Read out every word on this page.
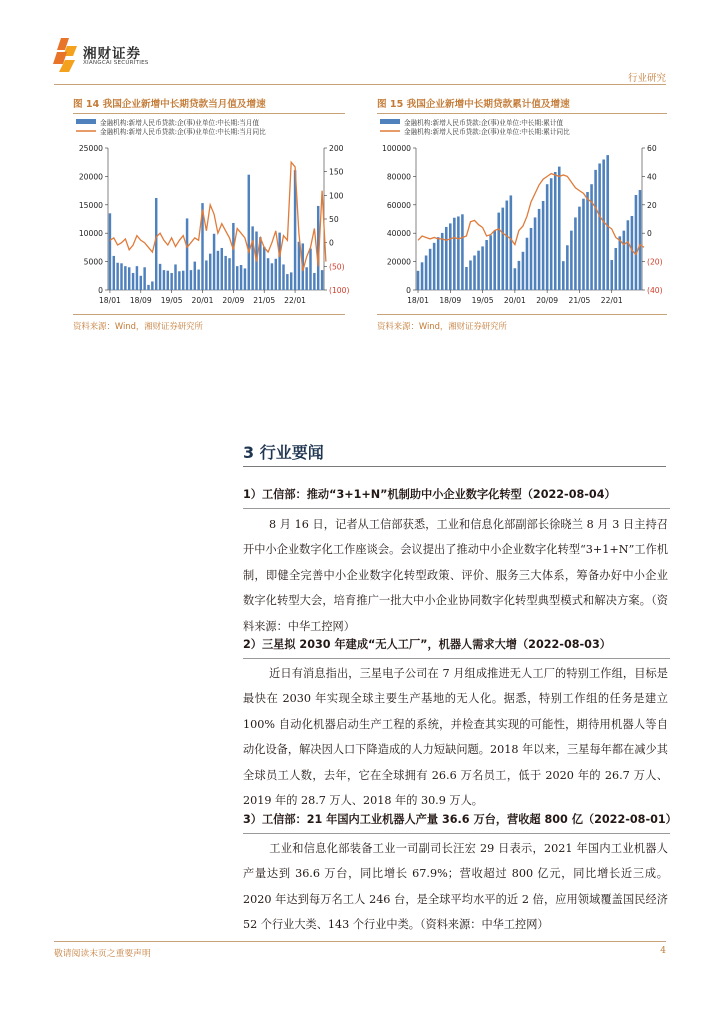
湘财证券
XIANGCAI SECURITIES
行业研究
图 14 我国企业新增中长期贷款当月值及增速
金融机构:新增人民币贷款:企(事)业单位:中长期:当月值
金融机构:新增人民币贷款:企(事)业单位:中长期:当月同比
0
5000
10000
15000
20000
25000
(100)
(50)
0
50
100
150
200
18/01 18/09 19/05 20/01 20/09 21/05 22/01
资料来源：Wind，湘财证券研究所
图 15 我国企业新增中长期贷款累计值及增速
金融机构:新增人民币贷款:企(事)业单位:中长期:累计值
金融机构:新增人民币贷款:企(事)业单位:中长期:累计同比
0
20000
40000
60000
80000
100000
(40)
(20)
0
20
40
60
18/01 18/09 19/05 20/01 20/09 21/05 22/01
资料来源：Wind，湘财证券研究所
3 行业要闻
1）工信部：推动“3+1+N”机制助中小企业数字化转型（2022-08-04）
8 月 16 日，记者从工信部获悉，工业和信息化部副部长徐晓兰 8 月 3 日主持召开中小企业数字化工作座谈会。会议提出了推动中小企业数字化转型“3+1+N”工作机制，即健全完善中小企业数字化转型政策、评价、服务三大体系，筹备办好中小企业数字化转型大会，培育推广一批大中小企业协同数字化转型典型模式和解决方案。（资料来源：中华工控网）
2）三星拟 2030 年建成“无人工厂”，机器人需求大增（2022-08-03）
近日有消息指出，三星电子公司在 7 月组成推进无人工厂的特别工作组，目标是最快在 2030 年实现全球主要生产基地的无人化。据悉，特别工作组的任务是建立 100% 自动化机器启动生产工程的系统，并检查其实现的可能性，期待用机器人等自动化设备，解决因人口下降造成的人力短缺问题。2018 年以来，三星每年都在减少其全球员工人数，去年，它在全球拥有 26.6 万名员工，低于 2020 年的 26.7 万人、2019 年的 28.7 万人、2018 年的 30.9 万人。
3）工信部：21 年国内工业机器人产量 36.6 万台，营收超 800 亿（2022-08-01）
工业和信息化部装备工业一司副司长汪宏 29 日表示，2021 年国内工业机器人产量达到 36.6 万台，同比增长 67.9%；营收超过 800 亿元，同比增长近三成。2020 年达到每万名工人 246 台，是全球平均水平的近 2 倍，应用领域覆盖国民经济 52 个行业大类、143 个行业中类。（资料来源：中华工控网）
敬请阅读末页之重要声明	4
